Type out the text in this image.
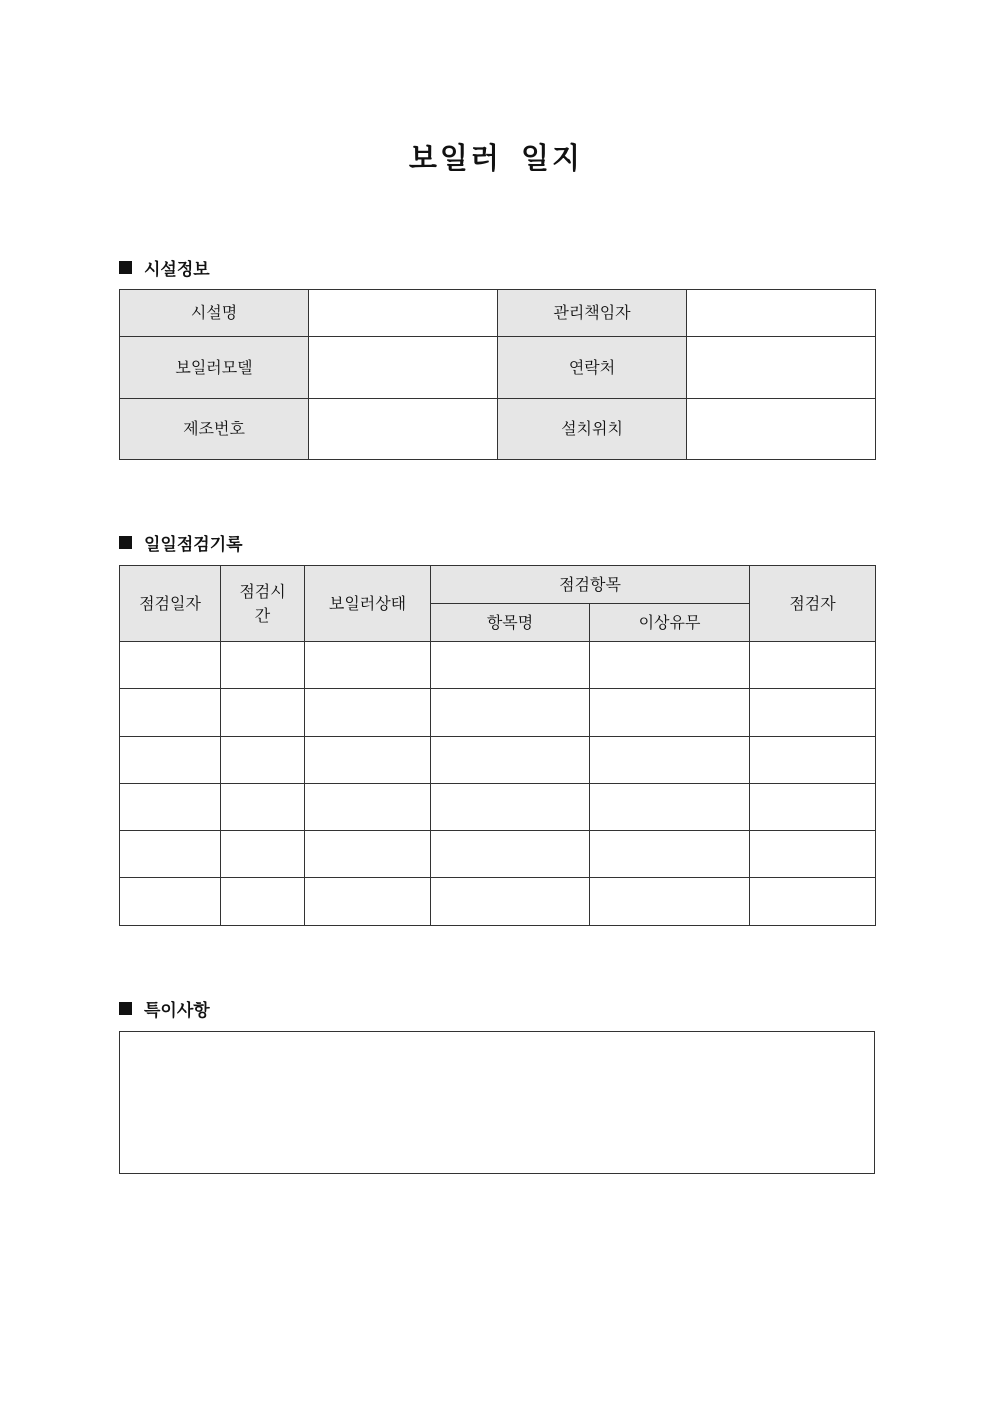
보일러 일지
시설정보
시설명		관리책임자	
보일러모델		연락처	
제조번호		설치위치	
일일점검기록
점검일자	점검시간	보일러상태	점검항목		점검자
			항목명	이상유무	

특이사항
